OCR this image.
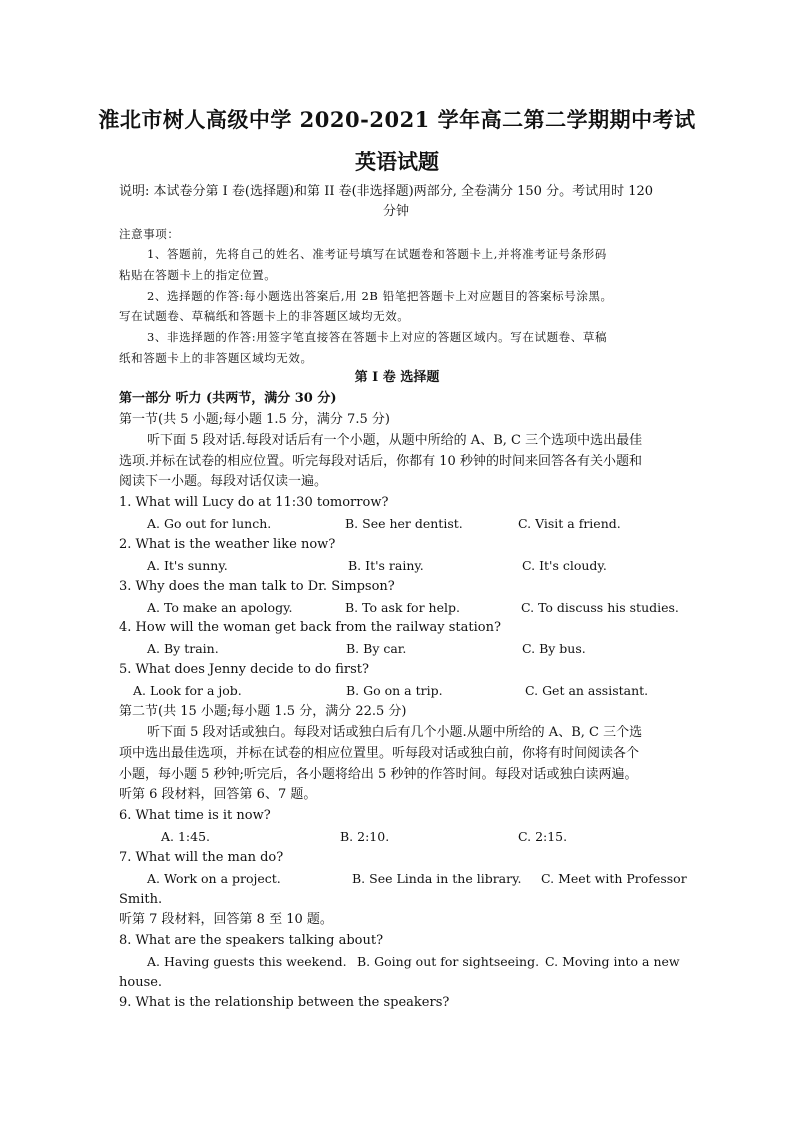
淮北市树人高级中学 2020-2021 学年高二第二学期期中考试
英语试题
说明: 本试卷分第 I 卷(选择题)和第 II 卷(非选择题)两部分, 全卷满分 150 分。考试用时 120
分钟
注意事项：
1、答题前，先将自己的姓名、准考证号填写在试题卷和答题卡上,并将准考证号条形码
粘贴在答题卡上的指定位置。
2、选择题的作答:每小题选出答案后,用 2B 铅笔把答题卡上对应题目的答案标号涂黑。
写在试题卷、草稿纸和答题卡上的非答题区域均无效。
3、非选择题的作答:用签字笔直接答在答题卡上对应的答题区域内。写在试题卷、草稿
纸和答题卡上的非答题区域均无效。
第 I 卷 选择题
第一部分 听力 (共两节，满分 30 分)
第一节(共 5 小题;每小题 1.5 分，满分 7.5 分)
听下面 5 段对话.每段对话后有一个小题，从题中所给的 A、B, C 三个选项中选出最佳
选项.并标在试卷的相应位置。听完每段对话后，你都有 10 秒钟的时间来回答各有关小题和
阅读下一小题。每段对话仅读一遍。
1. What will Lucy do at 11:30 tomorrow?
A. Go out for lunch.	B. See her dentist.	C. Visit a friend.
2. What is the weather like now?
A. It's sunny.	B. It's rainy.	C. It's cloudy.
3. Why does the man talk to Dr. Simpson?
A. To make an apology.	B. To ask for help.	C. To discuss his studies.
4. How will the woman get back from the railway station?
A. By train.	B. By car.	C. By bus.
5. What does Jenny decide to do first?
A. Look for a job.	B. Go on a trip.	C. Get an assistant.
第二节(共 15 小题;每小题 1.5 分，满分 22.5 分)
听下面 5 段对话或独白。每段对话或独白后有几个小题.从题中所给的 A、B, C 三个选
项中选出最佳选项，并标在试卷的相应位置里。听每段对话或独白前，你将有时间阅读各个
小题，每小题 5 秒钟;听完后，各小题将给出 5 秒钟的作答时间。每段对话或独白读两遍。
听第 6 段材料，回答第 6、7 题。
6. What time is it now?
A. 1:45.	B. 2:10.	C. 2:15.
7. What will the man do?
A. Work on a project.	B. See Linda in the library. C. Meet with Professor
Smith.
听第 7 段材料，回答第 8 至 10 题。
8. What are the speakers talking about?
A. Having guests this weekend. B. Going out for sightseeing. C. Moving into a new
house.
9. What is the relationship between the speakers?
